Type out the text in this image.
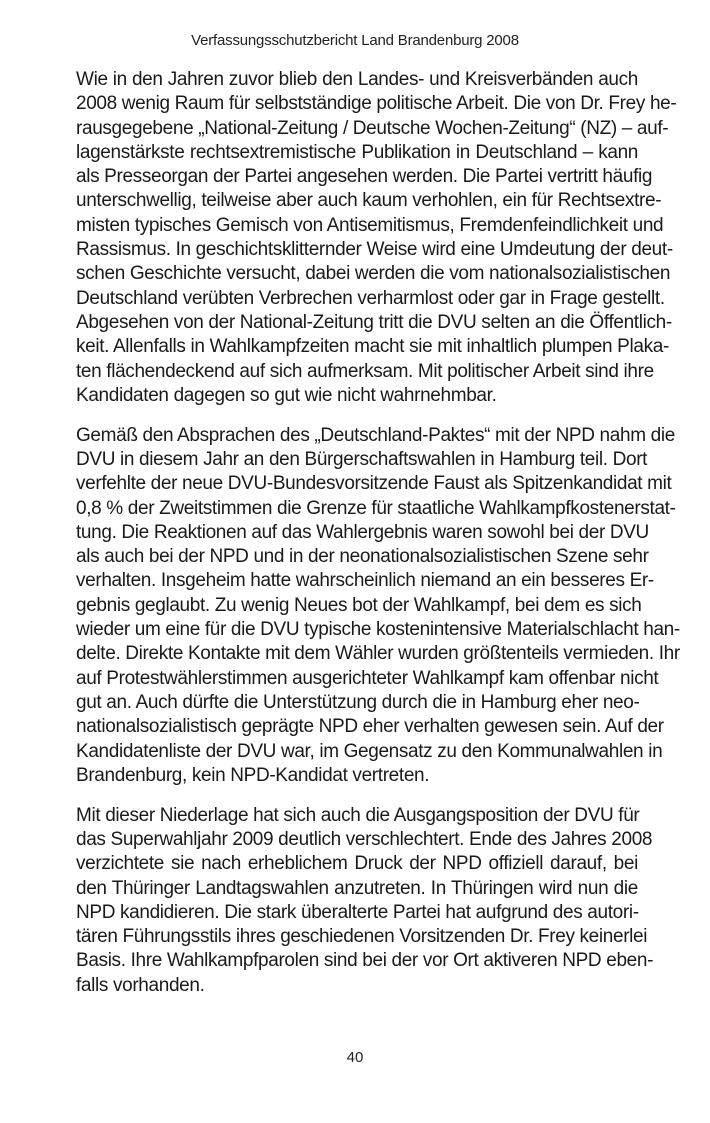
Verfassungsschutzbericht Land Brandenburg 2008

Wie in den Jahren zuvor blieb den Landes- und Kreisverbänden auch
2008 wenig Raum für selbstständige politische Arbeit. Die von Dr. Frey he-
rausgegebene „National-Zeitung / Deutsche Wochen-Zeitung“ (NZ) – auf-
lagenstärkste rechtsextremistische Publikation in Deutschland – kann
als Presseorgan der Partei angesehen werden. Die Partei vertritt häufig
unterschwellig, teilweise aber auch kaum verhohlen, ein für Rechtsextre-
misten typisches Gemisch von Antisemitismus, Fremdenfeindlichkeit und
Rassismus. In geschichtsklitternder Weise wird eine Umdeutung der deut-
schen Geschichte versucht, dabei werden die vom nationalsozialistischen
Deutschland verübten Verbrechen verharmlost oder gar in Frage gestellt.
Abgesehen von der National-Zeitung tritt die DVU selten an die Öffentlich-
keit. Allenfalls in Wahlkampfzeiten macht sie mit inhaltlich plumpen Plaka-
ten flächendeckend auf sich aufmerksam. Mit politischer Arbeit sind ihre
Kandidaten dagegen so gut wie nicht wahrnehmbar.

Gemäß den Absprachen des „Deutschland-Paktes“ mit der NPD nahm die
DVU in diesem Jahr an den Bürgerschaftswahlen in Hamburg teil. Dort
verfehlte der neue DVU-Bundesvorsitzende Faust als Spitzenkandidat mit
0,8 % der Zweitstimmen die Grenze für staatliche Wahlkampfkostenerstat-
tung. Die Reaktionen auf das Wahlergebnis waren sowohl bei der DVU
als auch bei der NPD und in der neonationalsozialistischen Szene sehr
verhalten. Insgeheim hatte wahrscheinlich niemand an ein besseres Er-
gebnis geglaubt. Zu wenig Neues bot der Wahlkampf, bei dem es sich
wieder um eine für die DVU typische kostenintensive Materialschlacht han-
delte. Direkte Kontakte mit dem Wähler wurden größtenteils vermieden. Ihr
auf Protestwählerstimmen ausgerichteter Wahlkampf kam offenbar nicht
gut an. Auch dürfte die Unterstützung durch die in Hamburg eher neo-
nationalsozialistisch geprägte NPD eher verhalten gewesen sein. Auf der
Kandidatenliste der DVU war, im Gegensatz zu den Kommunalwahlen in
Brandenburg, kein NPD-Kandidat vertreten.

Mit dieser Niederlage hat sich auch die Ausgangsposition der DVU für
das Superwahljahr 2009 deutlich verschlechtert. Ende des Jahres 2008
verzichtete sie nach erheblichem Druck der NPD offiziell darauf, bei
den Thüringer Landtagswahlen anzutreten. In Thüringen wird nun die
NPD kandidieren. Die stark überalterte Partei hat aufgrund des autori-
tären Führungsstils ihres geschiedenen Vorsitzenden Dr. Frey keinerlei
Basis. Ihre Wahlkampfparolen sind bei der vor Ort aktiveren NPD eben-
falls vorhanden.

40
